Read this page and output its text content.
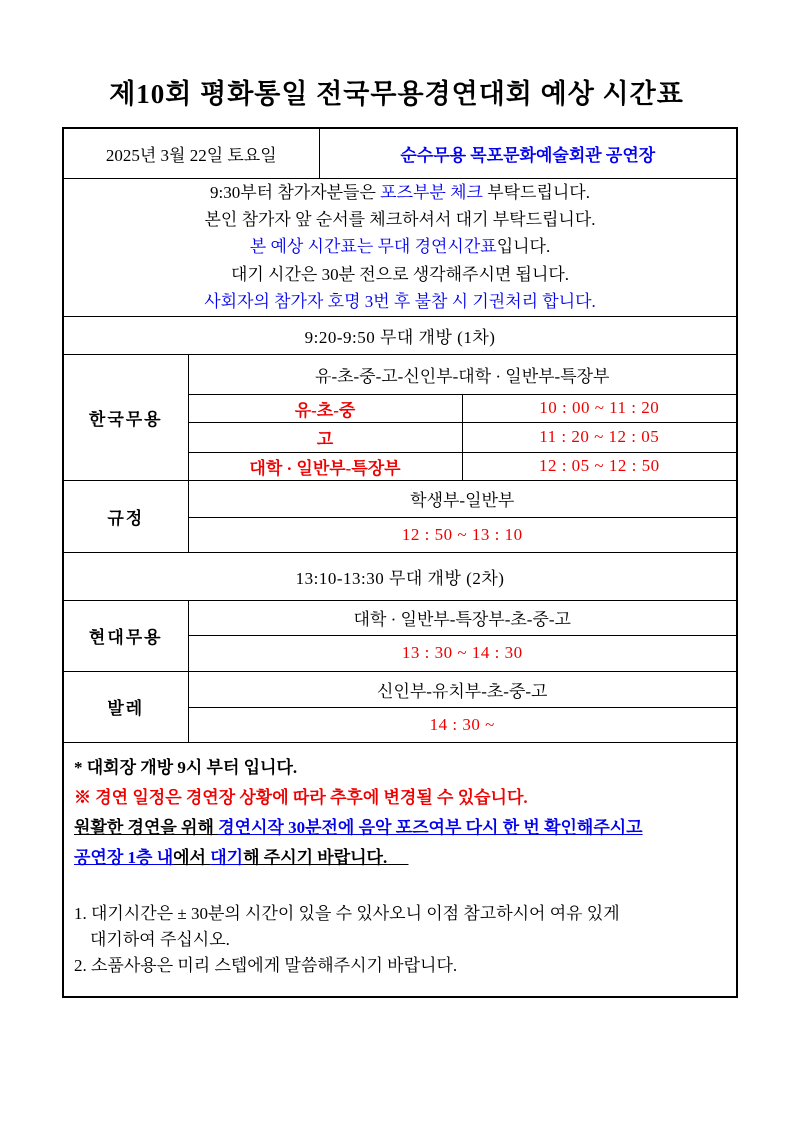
제10회 평화통일 전국무용경연대회 예상 시간표
2025년 3월 22일 토요일		순수무용 목포문화예술회관 공연장	

9:30부터 참가자분들은 포즈부분 체크 부탁드립니다.
본인 참가자 앞 순서를 체크하셔서 대기 부탁드립니다.
본 예상 시간표는 무대 경연시간표입니다.
대기 시간은 30분 전으로 생각해주시면 됩니다.
사회자의 참가자 호명 3번 후 불참 시 기권처리 합니다.			

9:20-9:50 무대 개방 (1차)			
한국무용	유-초-중-고-신인부-대학 · 일반부-특장부		
	유-초-중		10 : 00 ~ 11 : 20
	고		11 : 20 ~ 12 : 05
	대학 · 일반부-특장부		12 : 05 ~ 12 : 50
규정	학생부-일반부		
	12 : 50 ~ 13 : 10		
13:10-13:30 무대 개방 (2차)			
현대무용	대학 · 일반부-특장부-초-중-고		
	13 : 30 ~ 14 : 30		
발레	신인부-유치부-초-중-고		
	14 : 30 ~		

* 대회장 개방 9시 부터 입니다.
※ 경연 일정은 경연장 상황에 따라 추후에 변경될 수 있습니다.
원활한 경연을 위해 경연시작 30분전에 음악 포즈여부 다시 한 번 확인해주시고
공연장 1층 내에서 대기해 주시기 바랍니다.
1. 대기시간은 ± 30분의 시간이 있을 수 있사오니 이점 참고하시어 여유 있게
대기하여 주십시오.
2. 소품사용은 미리 스텝에게 말씀해주시기 바랍니다.
